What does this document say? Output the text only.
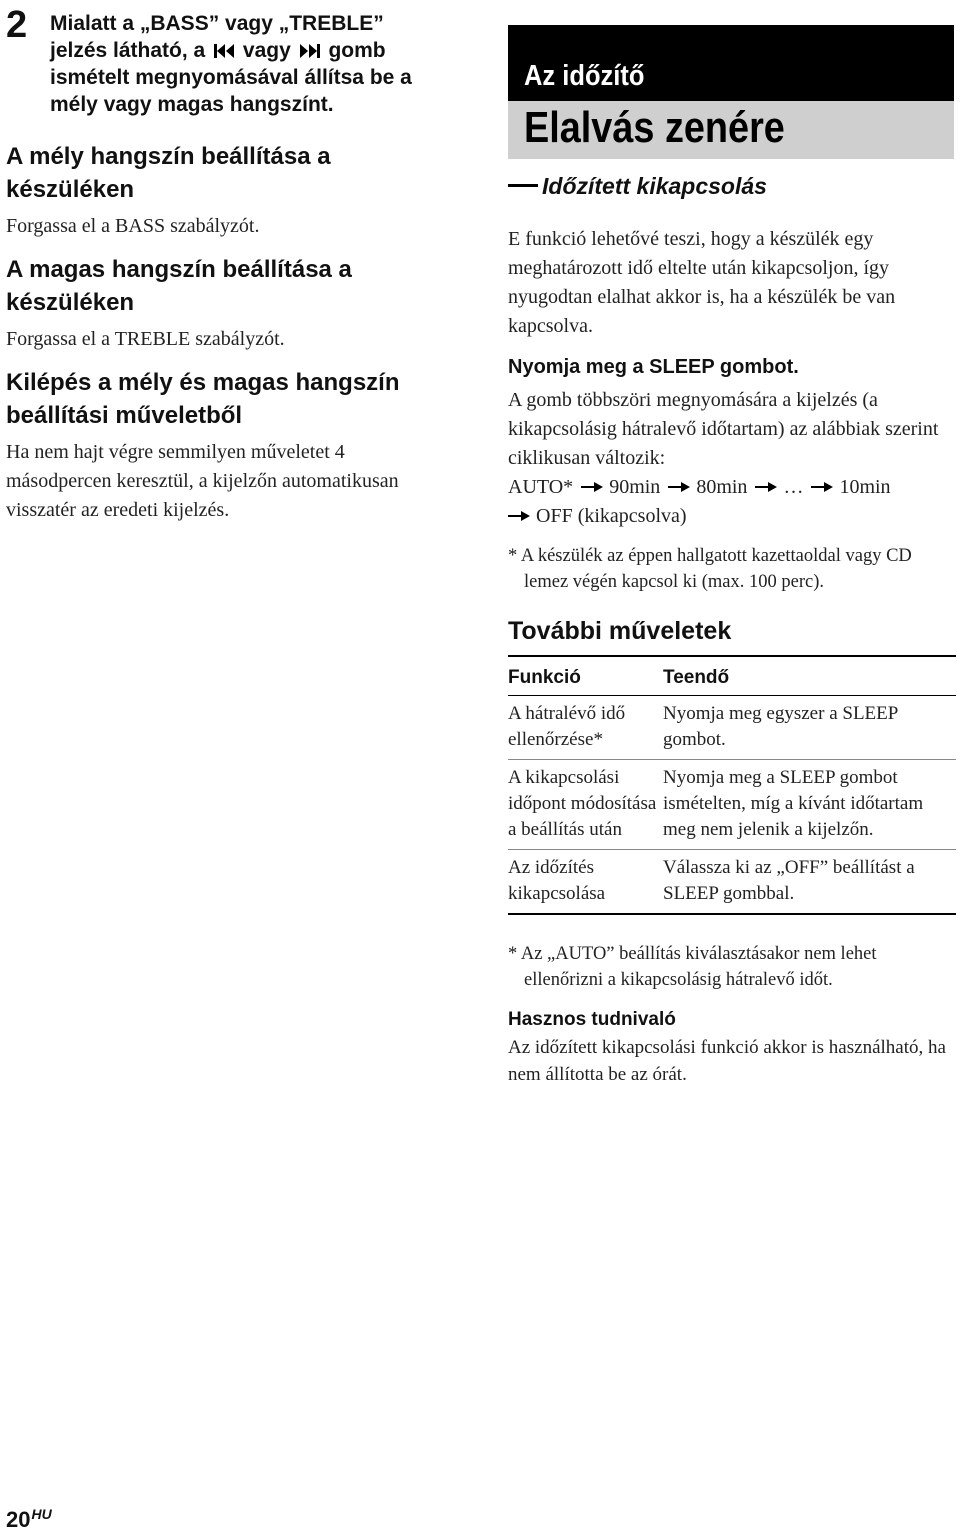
2 Mialatt a „BASS” vagy „TREBLE” jelzés látható, a vagy gomb ismételt megnyomásával állítsa be a mély vagy magas hangszínt.
A mély hangszín beállítása a készüléken

Forgassa el a BASS szabályzót.

A magas hangszín beállítása a készüléken

Forgassa el a TREBLE szabályzót.

Kilépés a mély és magas hangszín beállítási műveletből

Ha nem hajt végre semmilyen műveletet 4 másodpercen keresztül, a kijelzőn automatikusan visszatér az eredeti kijelzés.

Az időzítő
Elalvás zenére
Időzített kikapcsolás

E funkció lehetővé teszi, hogy a készülék egy meghatározott idő eltelte után kikapcsoljon, így nyugodtan elalhat akkor is, ha a készülék be van kapcsolva.

Nyomja meg a SLEEP gombot.

A gomb többszöri megnyomására a kijelzés (a kikapcsolásig hátralevő időtartam) az alábbiak szerint ciklikusan változik:

AUTO* 90min 80min … 10min
OFF (kikapcsolva)

* A készülék az éppen hallgatott kazettaoldal vagy CD lemez végén kapcsol ki (max. 100 perc).

További műveletek

Funkció	Teendő
A hátralévő idő ellenőrzése*	Nyomja meg egyszer a SLEEP gombot.
A kikapcsolási időpont módosítása a beállítás után	Nyomja meg a SLEEP gombot ismételten, míg a kívánt időtartam meg nem jelenik a kijelzőn.
Az időzítés kikapcsolása	Válassza ki az „OFF” beállítást a SLEEP gombbal.

* Az „AUTO” beállítás kiválasztásakor nem lehet ellenőrizni a kikapcsolásig hátralevő időt.

Hasznos tudnivaló

Az időzített kikapcsolási funkció akkor is használható, ha nem állította be az órát.

$20^{HU}$
